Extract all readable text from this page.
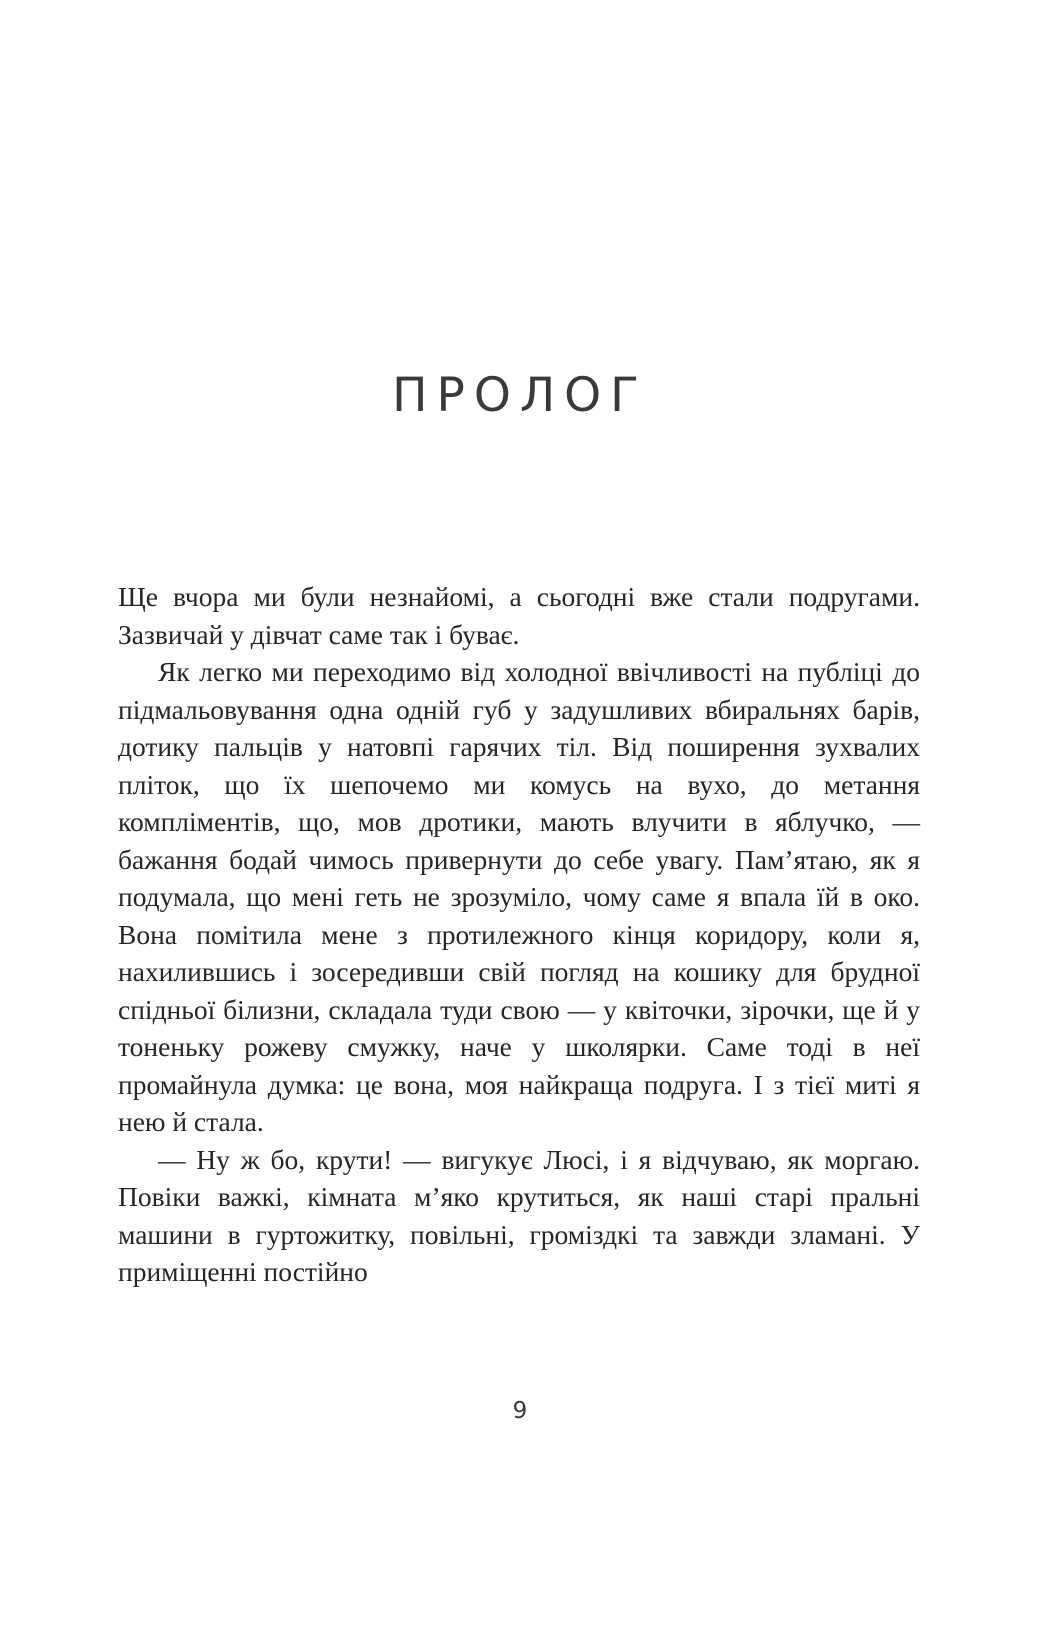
ПРОЛОГ

Ще вчора ми були незнайомі, а сьогодні вже стали подругами. Зазвичай у дівчат саме так і буває.

Як легко ми переходимо від холодної ввічливості на публіці до підмальовування одна одній губ у задушливих вбиральнях барів, дотику пальців у натовпі гарячих тіл. Від поширення зухвалих пліток, що їх шепочемо ми комусь на вухо, до метання компліментів, що, мов дротики, мають влучити в яблучко, — бажання бодай чимось привернути до себе увагу. Пам’ятаю, як я подумала, що мені геть не зрозуміло, чому саме я впала їй в око. Вона помітила мене з протилежного кінця коридору, коли я, нахилившись і зосередивши свій погляд на кошику для брудної спідньої білизни, складала туди свою — у квіточки, зірочки, ще й у тоненьку рожеву смужку, наче у школярки. Саме тоді в неї промайнула думка: це вона, моя найкраща подруга. І з тієї миті я нею й стала.

— Ну ж бо, крути! — вигукує Люсі, і я відчуваю, як моргаю. Повіки важкі, кімната м’яко крутиться, як наші старі пральні машини в гуртожитку, повільні, громіздкі та завжди зламані. У приміщенні постійно

9
